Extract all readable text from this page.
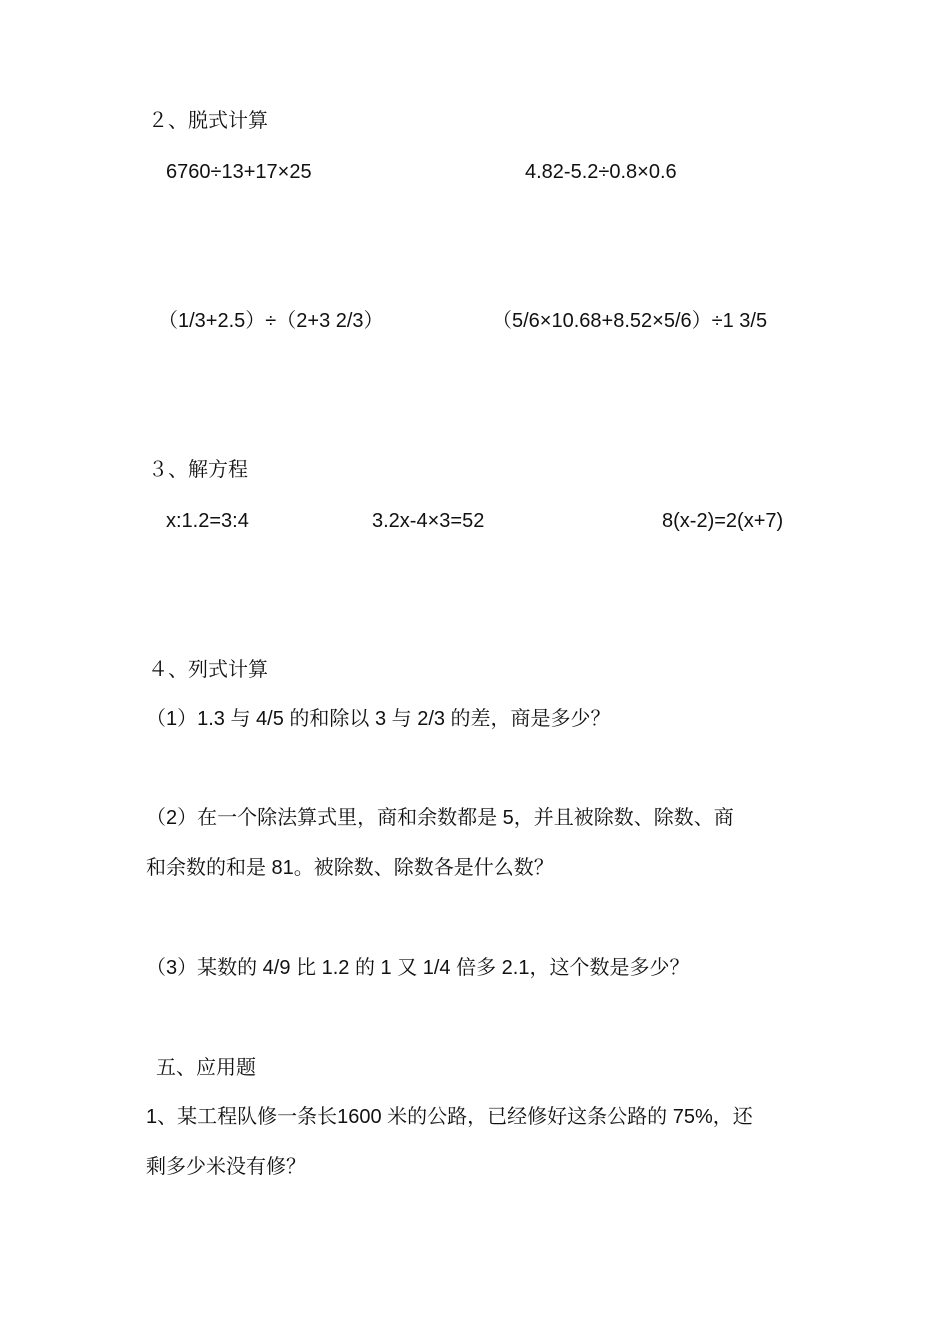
２、脱式计算
6760÷13+17×25	4.82-5.2÷0.8×0.6
（1/3+2.5）÷（2+3 2/3）	（5/6×10.68+8.52×5/6）÷1 3/5
３、解方程
x:1.2=3:4	3.2x-4×3=52	8(x-2)=2(x+7)
４、列式计算
（1）1.3 与 4/5 的和除以 3 与 2/3 的差，商是多少？
（2）在一个除法算式里，商和余数都是 5，并且被除数、除数、商
和余数的和是 81。被除数、除数各是什么数？
（3）某数的 4/9 比 1.2 的 1 又 1/4 倍多 2.1，这个数是多少？
五、应用题
1、某工程队修一条长1600 米的公路，已经修好这条公路的 75%，还
剩多少米没有修？
